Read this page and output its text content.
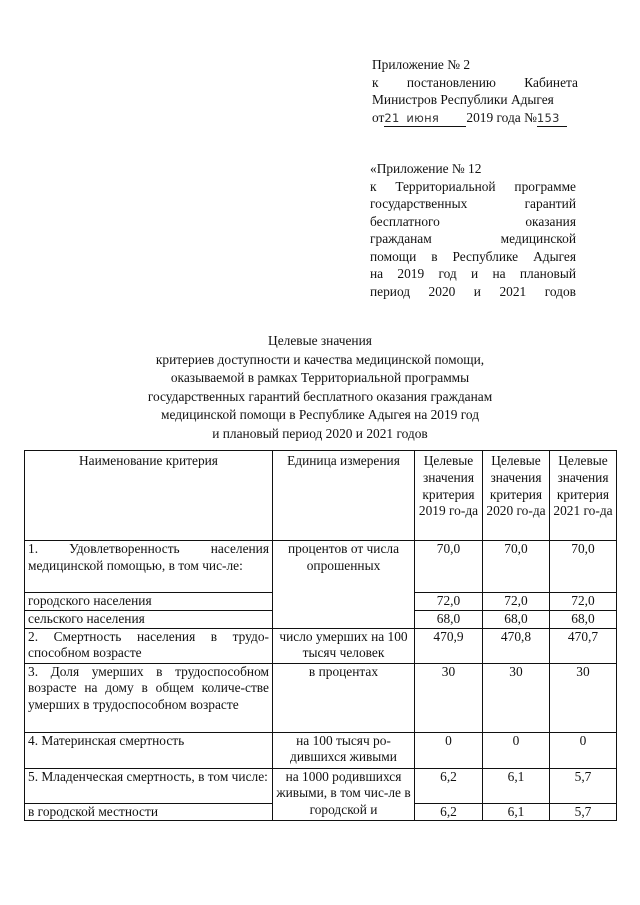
Приложение № 2
к постановлению Кабинета
Министров Республики Адыгея
от21 июня 2019 года №153
«Приложение № 12
к Территориальной программе
государственных гарантий
бесплатного оказания
гражданам медицинской
помощи в Республике Адыгея
на 2019 год и на плановый
период 2020 и 2021 годов
Целевые значения
критериев доступности и качества медицинской помощи,
оказываемой в рамках Территориальной программы
государственных гарантий бесплатного оказания гражданам
медицинской помощи в Республике Адыгея на 2019 год
и плановый период 2020 и 2021 годов
Наименование критерия	Единица измерения	Целевые значения критерия 2019 го-да	Целевые значения критерия 2020 го-да	Целевые значения критерия 2021 го-да
1. Удовлетворенность населения медицинской помощью, в том чис-ле:	процентов от числа опрошенных	70,0	70,0	70,0
городского населения		72,0	72,0	72,0
сельского населения		68,0	68,0	68,0
2. Смертность населения в трудо-способном возрасте	число умерших на 100 тысяч человек	470,9	470,8	470,7
3. Доля умерших в трудоспособном возрасте на дому в общем количе-стве умерших в трудоспособном возрасте	в процентах	30	30	30
4. Материнская смертность	на 100 тысяч ро-дившихся живыми	0	0	0
5. Младенческая смертность, в том числе:	на 1000 родившихся живыми, в том чис-ле в городской и	6,2	6,1	5,7
в городской местности		6,2	6,1	5,7
